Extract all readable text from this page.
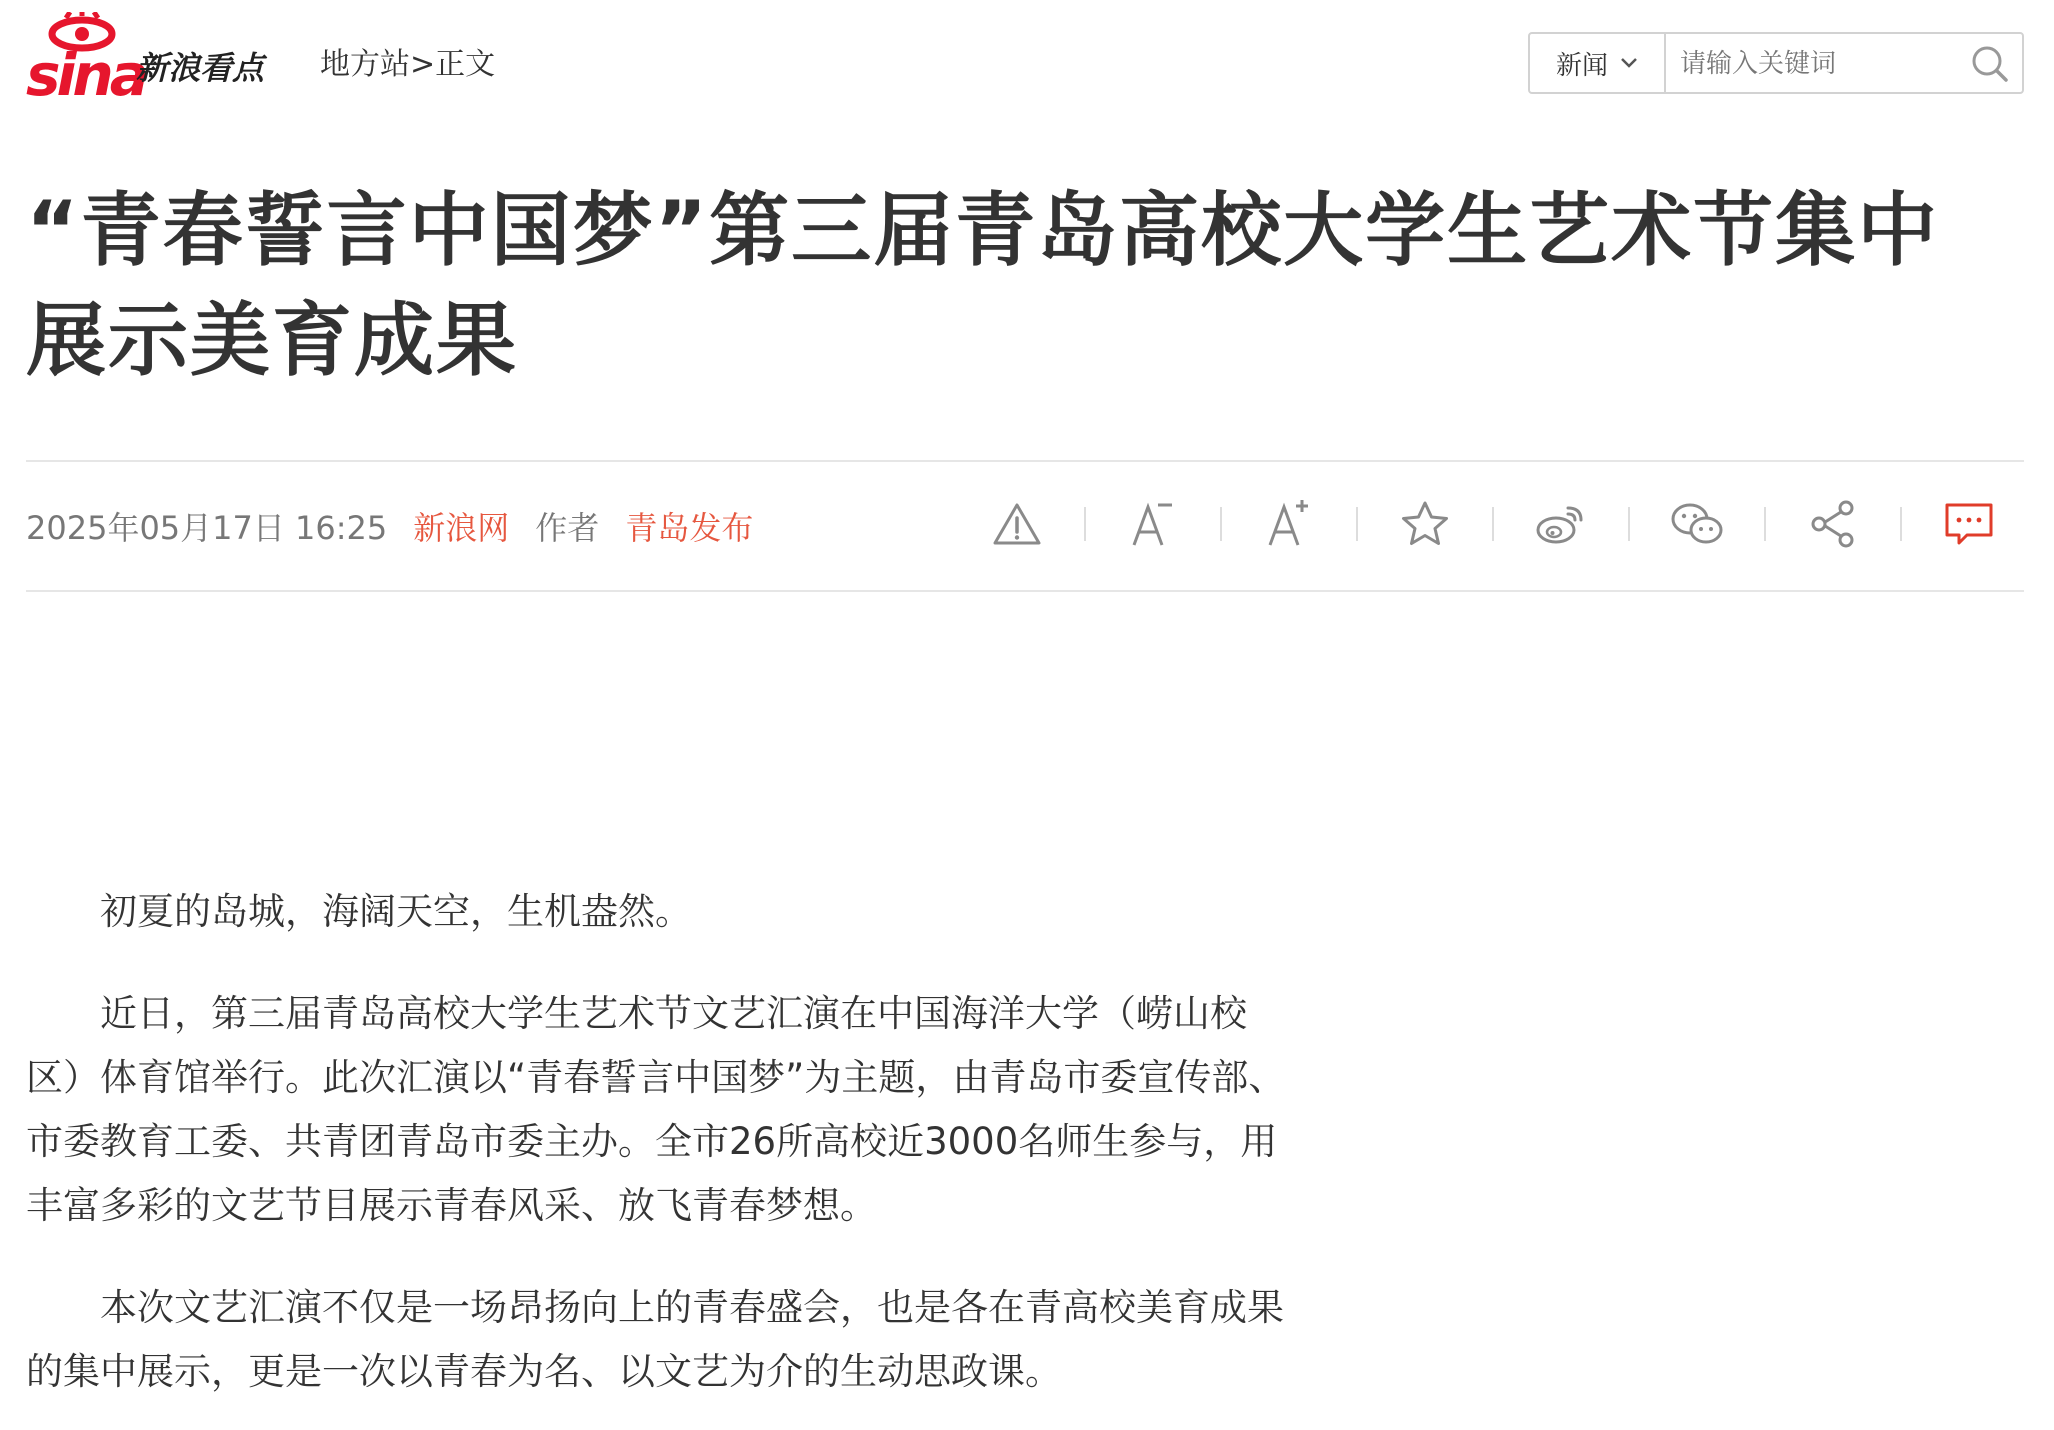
sina
新浪看点 地方站>正文	新闻
请输入关键词
“青春誓言中国梦”第三届青岛高校大学生艺术节集中展示美育成果
2025年05月17日 16:25 新浪网 作者 青岛发布

初夏的岛城，海阔天空，生机盎然。

近日，第三届青岛高校大学生艺术节文艺汇演在中国海洋大学（崂山校区）体育馆举行。此次汇演以“青春誓言中国梦”为主题，由青岛市委宣传部、市委教育工委、共青团青岛市委主办。全市26所高校近3000名师生参与，用丰富多彩的文艺节目展示青春风采、放飞青春梦想。

本次文艺汇演不仅是一场昂扬向上的青春盛会，也是各在青高校美育成果的集中展示，更是一次以青春为名、以文艺为介的生动思政课。
